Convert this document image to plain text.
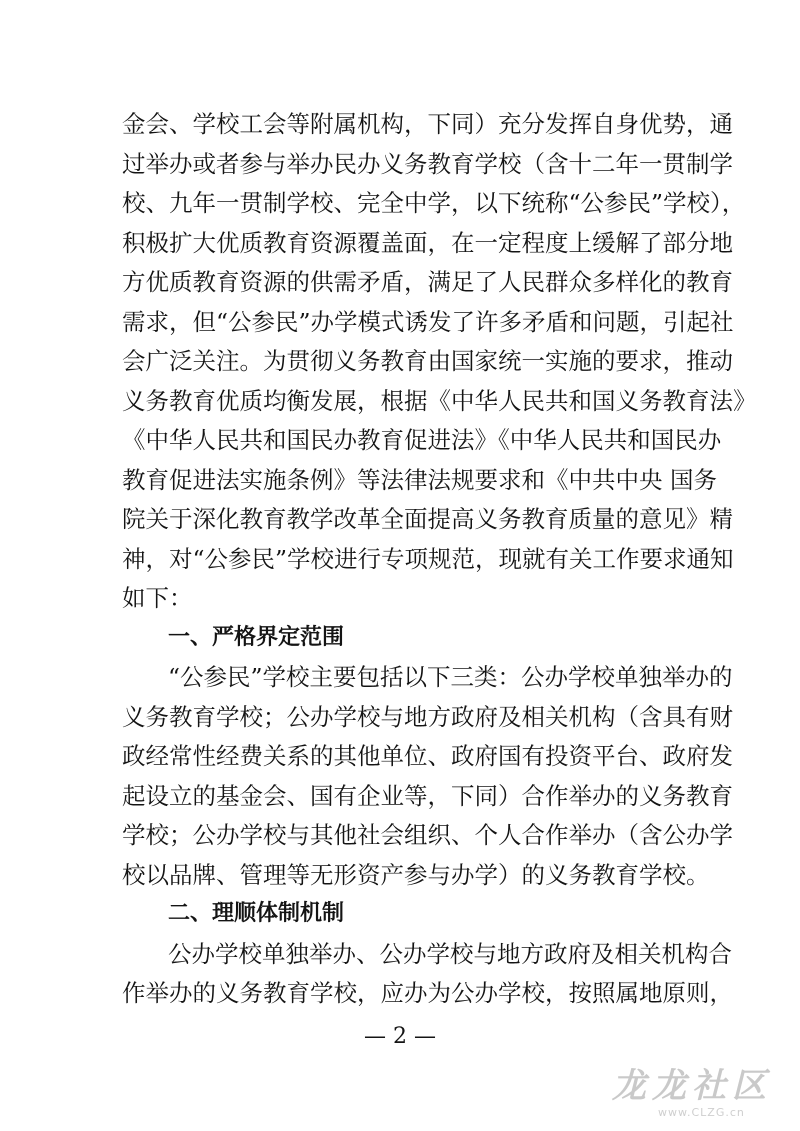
金会、学校工会等附属机构，下同）充分发挥自身优势，通
过举办或者参与举办民办义务教育学校（含十二年一贯制学
校、九年一贯制学校、完全中学，以下统称“公参民”学校），
积极扩大优质教育资源覆盖面，在一定程度上缓解了部分地
方优质教育资源的供需矛盾，满足了人民群众多样化的教育
需求，但“公参民”办学模式诱发了许多矛盾和问题，引起社
会广泛关注。为贯彻义务教育由国家统一实施的要求，推动
义务教育优质均衡发展，根据《中华人民共和国义务教育法》
《中华人民共和国民办教育促进法》《中华人民共和国民办
教育促进法实施条例》等法律法规要求和《中共中央 国务
院关于深化教育教学改革全面提高义务教育质量的意见》精
神，对“公参民”学校进行专项规范，现就有关工作要求通知
如下：
一、严格界定范围
“公参民”学校主要包括以下三类：公办学校单独举办的
义务教育学校；公办学校与地方政府及相关机构（含具有财
政经常性经费关系的其他单位、政府国有投资平台、政府发
起设立的基金会、国有企业等，下同）合作举办的义务教育
学校；公办学校与其他社会组织、个人合作举办（含公办学
校以品牌、管理等无形资产参与办学）的义务教育学校。
二、理顺体制机制
公办学校单独举办、公办学校与地方政府及相关机构合
作举办的义务教育学校，应办为公办学校，按照属地原则，
— 2 —
龙龙社区
www.CLZG.cn
